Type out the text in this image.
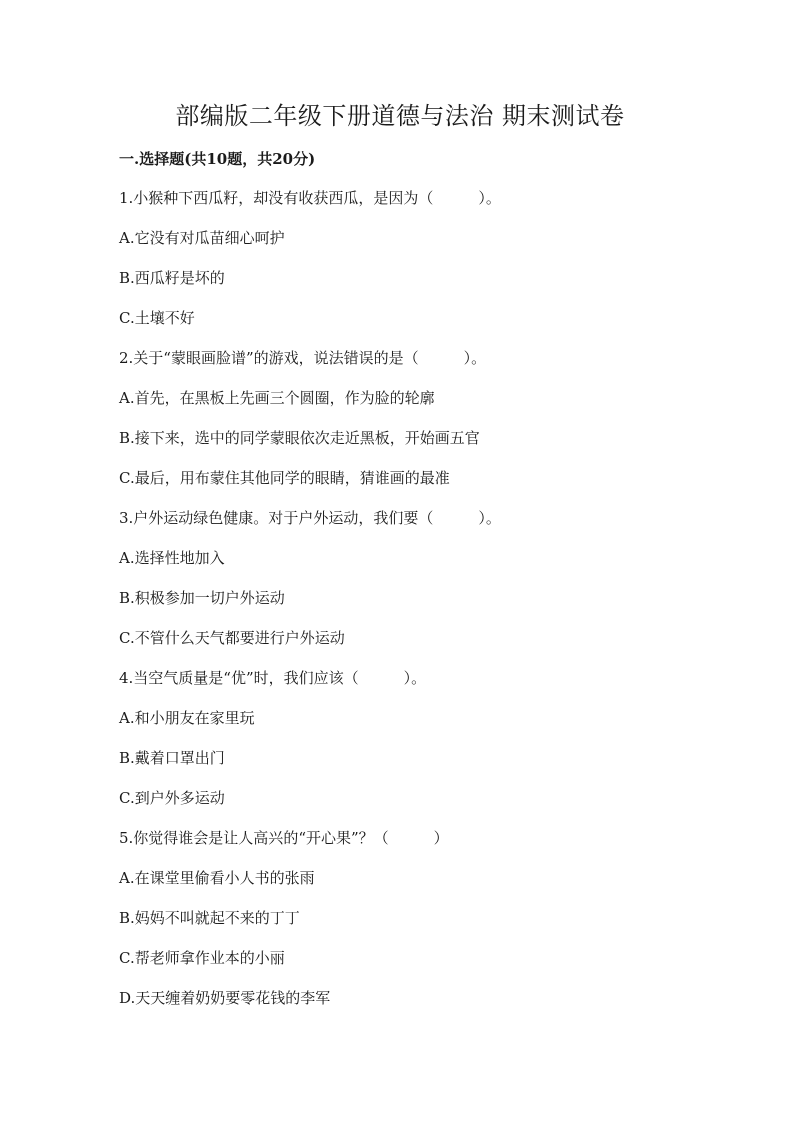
部编版二年级下册道德与法治 期末测试卷
一.选择题(共10题，共20分)
1.小猴种下西瓜籽，却没有收获西瓜，是因为（　　　）。
A.它没有对瓜苗细心呵护
B.西瓜籽是坏的
C.土壤不好
2.关于“蒙眼画脸谱”的游戏，说法错误的是（　　　）。
A.首先，在黑板上先画三个圆圈，作为脸的轮廓
B.接下来，选中的同学蒙眼依次走近黑板，开始画五官
C.最后，用布蒙住其他同学的眼睛，猜谁画的最准
3.户外运动绿色健康。对于户外运动，我们要（　　　）。
A.选择性地加入
B.积极参加一切户外运动
C.不管什么天气都要进行户外运动
4.当空气质量是“优”时，我们应该（　　　）。
A.和小朋友在家里玩
B.戴着口罩出门
C.到户外多运动
5.你觉得谁会是让人高兴的“开心果”？（　　　）
A.在课堂里偷看小人书的张雨
B.妈妈不叫就起不来的丁丁
C.帮老师拿作业本的小丽
D.天天缠着奶奶要零花钱的李军
